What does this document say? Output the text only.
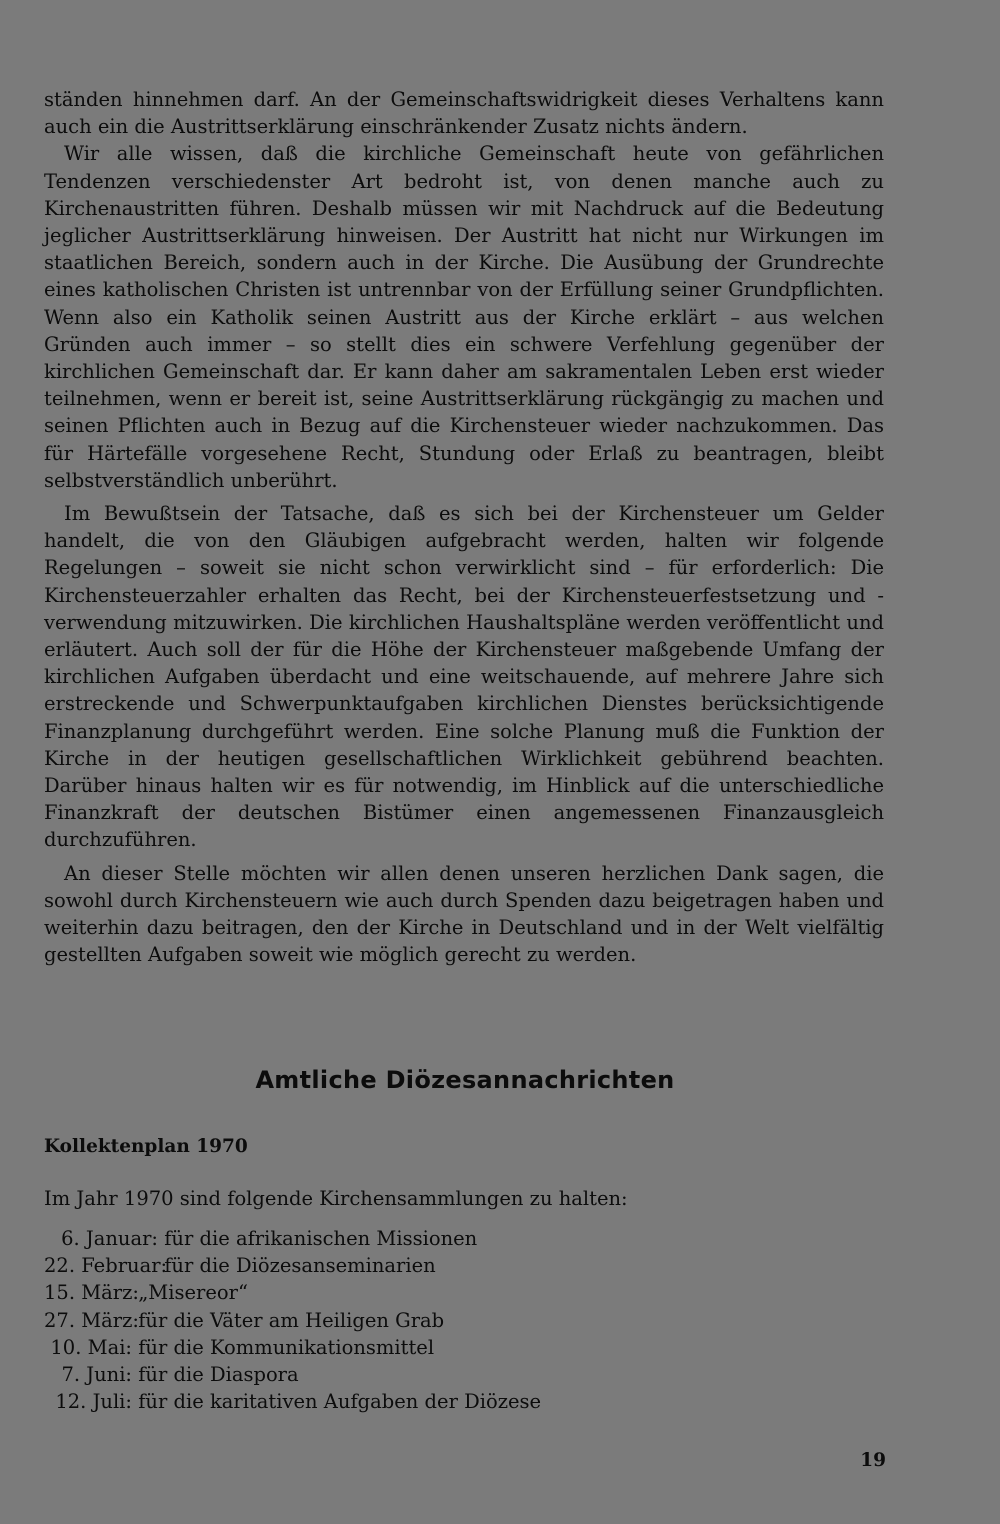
ständen hinnehmen darf. An der Gemeinschaftswidrigkeit dieses Verhaltens kann auch ein die Austrittserklärung einschränkender Zusatz nichts ändern.

Wir alle wissen, daß die kirchliche Gemeinschaft heute von gefährlichen Tendenzen verschiedenster Art bedroht ist, von denen manche auch zu Kirchenaustritten führen. Deshalb müssen wir mit Nachdruck auf die Bedeutung jeglicher Austrittserklärung hinweisen. Der Austritt hat nicht nur Wirkungen im staatlichen Bereich, sondern auch in der Kirche. Die Ausübung der Grundrechte eines katholischen Christen ist untrennbar von der Erfüllung seiner Grundpflichten. Wenn also ein Katholik seinen Austritt aus der Kirche erklärt – aus welchen Gründen auch immer – so stellt dies ein schwere Verfehlung gegenüber der kirchlichen Gemeinschaft dar. Er kann daher am sakramentalen Leben erst wieder teilnehmen, wenn er bereit ist, seine Austrittserklärung rückgängig zu machen und seinen Pflichten auch in Bezug auf die Kirchensteuer wieder nachzukommen. Das für Härtefälle vorgesehene Recht, Stundung oder Erlaß zu beantragen, bleibt selbstverständlich unberührt.

Im Bewußtsein der Tatsache, daß es sich bei der Kirchensteuer um Gelder handelt, die von den Gläubigen aufgebracht werden, halten wir folgende Regelungen – soweit sie nicht schon verwirklicht sind – für erforderlich: Die Kirchensteuerzahler erhalten das Recht, bei der Kirchensteuerfestsetzung und -verwendung mitzuwirken. Die kirchlichen Haushaltspläne werden veröffentlicht und erläutert. Auch soll der für die Höhe der Kirchensteuer maßgebende Umfang der kirchlichen Aufgaben überdacht und eine weitschauende, auf mehrere Jahre sich erstreckende und Schwerpunktaufgaben kirchlichen Dienstes berücksichtigende Finanzplanung durchgeführt werden. Eine solche Planung muß die Funktion der Kirche in der heutigen gesellschaftlichen Wirklichkeit gebührend beachten. Darüber hinaus halten wir es für notwendig, im Hinblick auf die unterschiedliche Finanzkraft der deutschen Bistümer einen angemessenen Finanzausgleich durchzuführen.

An dieser Stelle möchten wir allen denen unseren herzlichen Dank sagen, die sowohl durch Kirchensteuern wie auch durch Spenden dazu beigetragen haben und weiterhin dazu beitragen, den der Kirche in Deutschland und in der Welt vielfältig gestellten Aufgaben soweit wie möglich gerecht zu werden.

Amtliche Diözesannachrichten
Kollektenplan 1970
Im Jahr 1970 sind folgende Kirchensammlungen zu halten:
6. Januar: für die afrikanischen Missionen
22. Februar: für die Diözesanseminarien
15. März: „Misereor“
27. März: für die Väter am Heiligen Grab
10. Mai: für die Kommunikationsmittel
7. Juni: für die Diaspora
12. Juli: für die karitativen Aufgaben der Diözese
19
